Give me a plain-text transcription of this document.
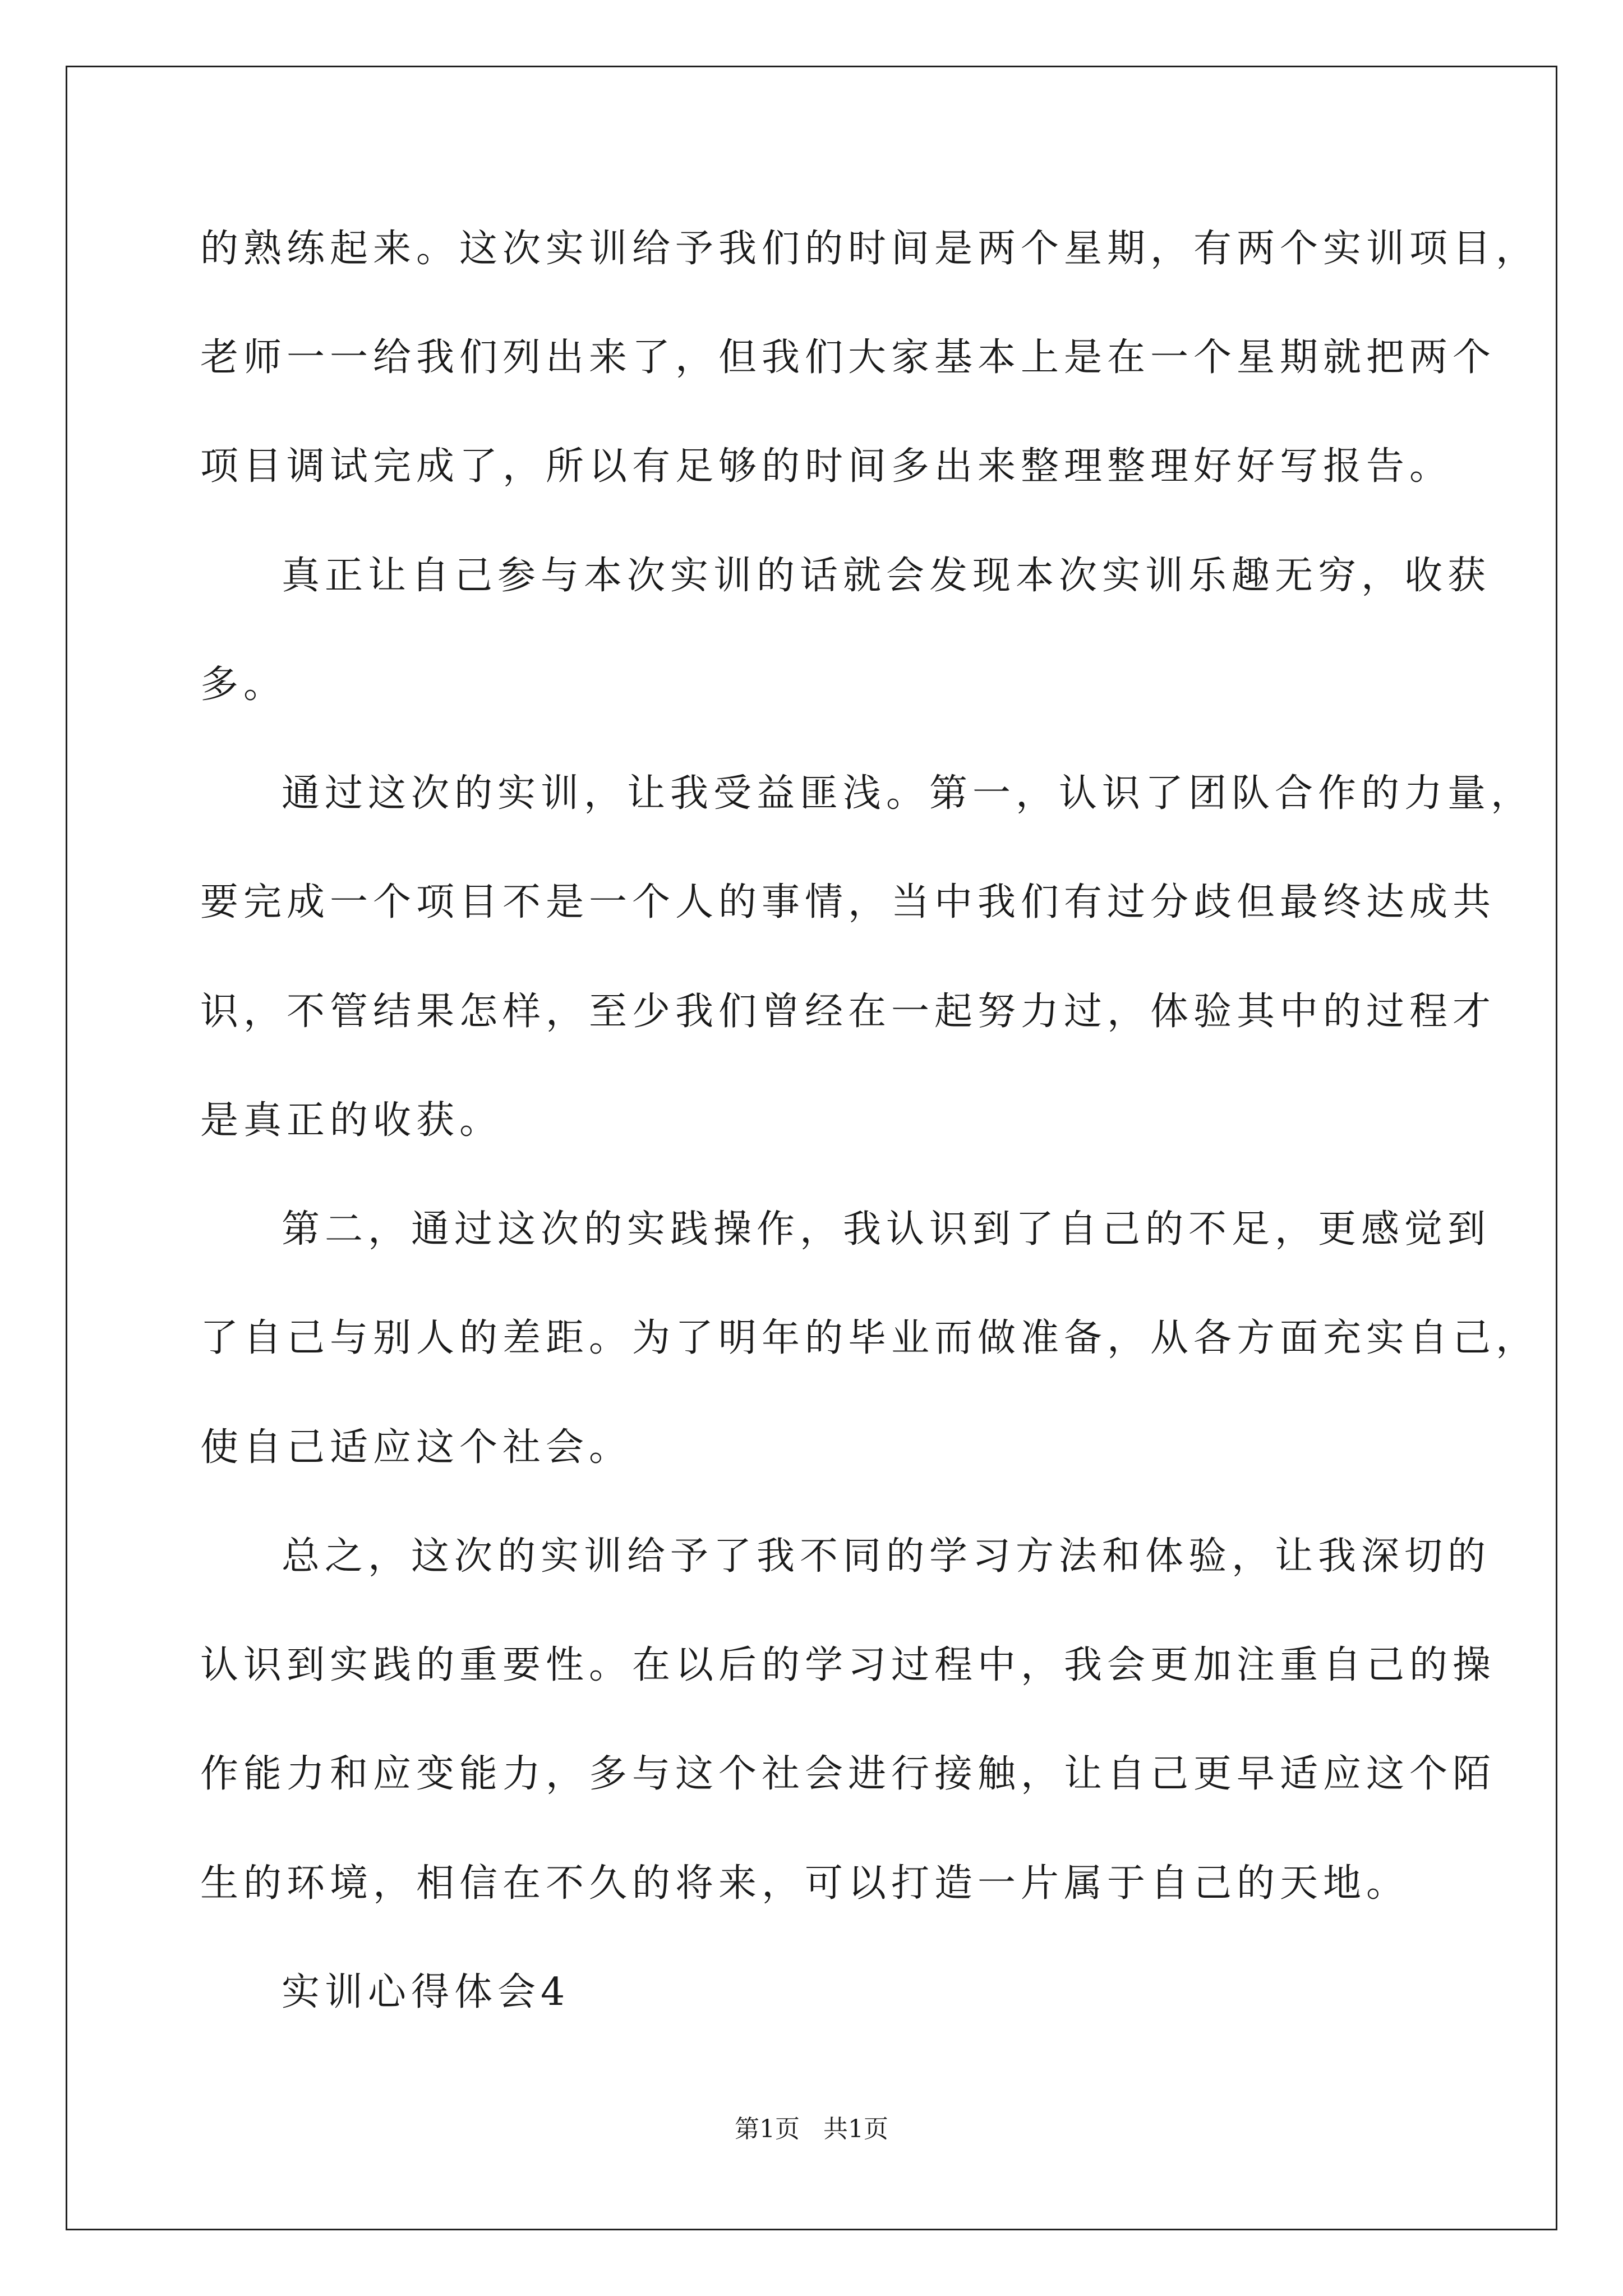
的熟练起来。这次实训给予我们的时间是两个星期，有两个实训项目，
老师一一给我们列出来了，但我们大家基本上是在一个星期就把两个
项目调试完成了，所以有足够的时间多出来整理整理好好写报告。
真正让自己参与本次实训的话就会发现本次实训乐趣无穷，收获
多。
通过这次的实训，让我受益匪浅。第一，认识了团队合作的力量，
要完成一个项目不是一个人的事情，当中我们有过分歧但最终达成共
识，不管结果怎样，至少我们曾经在一起努力过，体验其中的过程才
是真正的收获。
第二，通过这次的实践操作，我认识到了自己的不足，更感觉到
了自己与别人的差距。为了明年的毕业而做准备，从各方面充实自己，
使自己适应这个社会。
总之，这次的实训给予了我不同的学习方法和体验，让我深切的
认识到实践的重要性。在以后的学习过程中，我会更加注重自己的操
作能力和应变能力，多与这个社会进行接触，让自己更早适应这个陌
生的环境，相信在不久的将来，可以打造一片属于自己的天地。
实训心得体会4
第1页   共1页
